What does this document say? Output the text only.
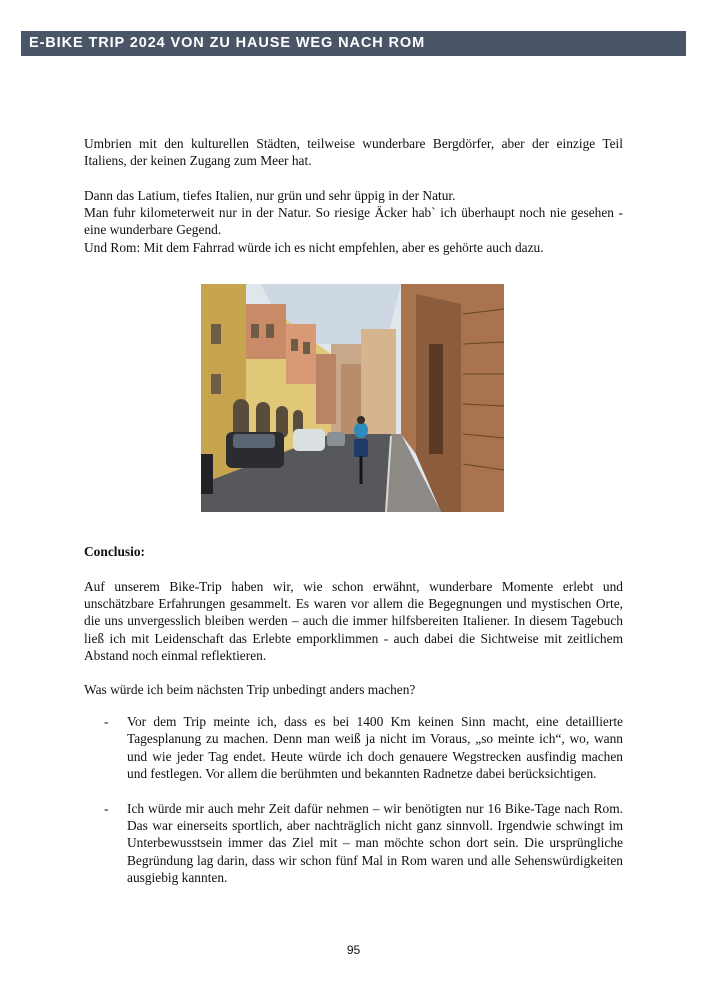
E-BIKE TRIP 2024 VON ZU HAUSE WEG NACH ROM

Umbrien mit den kulturellen Städten, teilweise wunderbare Bergdörfer, aber der einzige Teil Italiens, der keinen Zugang zum Meer hat.

Dann das Latium, tiefes Italien, nur grün und sehr üppig in der Natur.

Man fuhr kilometerweit nur in der Natur. So riesige Äcker hab` ich überhaupt noch nie gesehen - eine wunderbare Gegend.

Und Rom: Mit dem Fahrrad würde ich es nicht empfehlen, aber es gehörte auch dazu.

Conclusio:

Auf unserem Bike-Trip haben wir, wie schon erwähnt, wunderbare Momente erlebt und unschätzbare Erfahrungen gesammelt. Es waren vor allem die Begegnungen und mystischen Orte, die uns unvergesslich bleiben werden – auch die immer hilfsbereiten Italiener. In diesem Tagebuch ließ ich mit Leidenschaft das Erlebte emporklimmen - auch dabei die Sichtweise mit zeitlichem Abstand noch einmal reflektieren.

Was würde ich beim nächsten Trip unbedingt anders machen?
- Vor dem Trip meinte ich, dass es bei 1400 Km keinen Sinn macht, eine detaillierte Tagesplanung zu machen. Denn man weiß ja nicht im Voraus, „so meinte ich“, wo, wann und wie jeder Tag endet. Heute würde ich doch genauere Wegstrecken ausfindig machen und festlegen. Vor allem die berühmten und bekannten Radnetze dabei berücksichtigen.
- Ich würde mir auch mehr Zeit dafür nehmen – wir benötigten nur 16 Bike-Tage nach Rom. Das war einerseits sportlich, aber nachträglich nicht ganz sinnvoll. Irgendwie schwingt im Unterbewusstsein immer das Ziel mit – man möchte schon dort sein. Die ursprüngliche Begründung lag darin, dass wir schon fünf Mal in Rom waren und alle Sehenswürdigkeiten ausgiebig kannten.
95
